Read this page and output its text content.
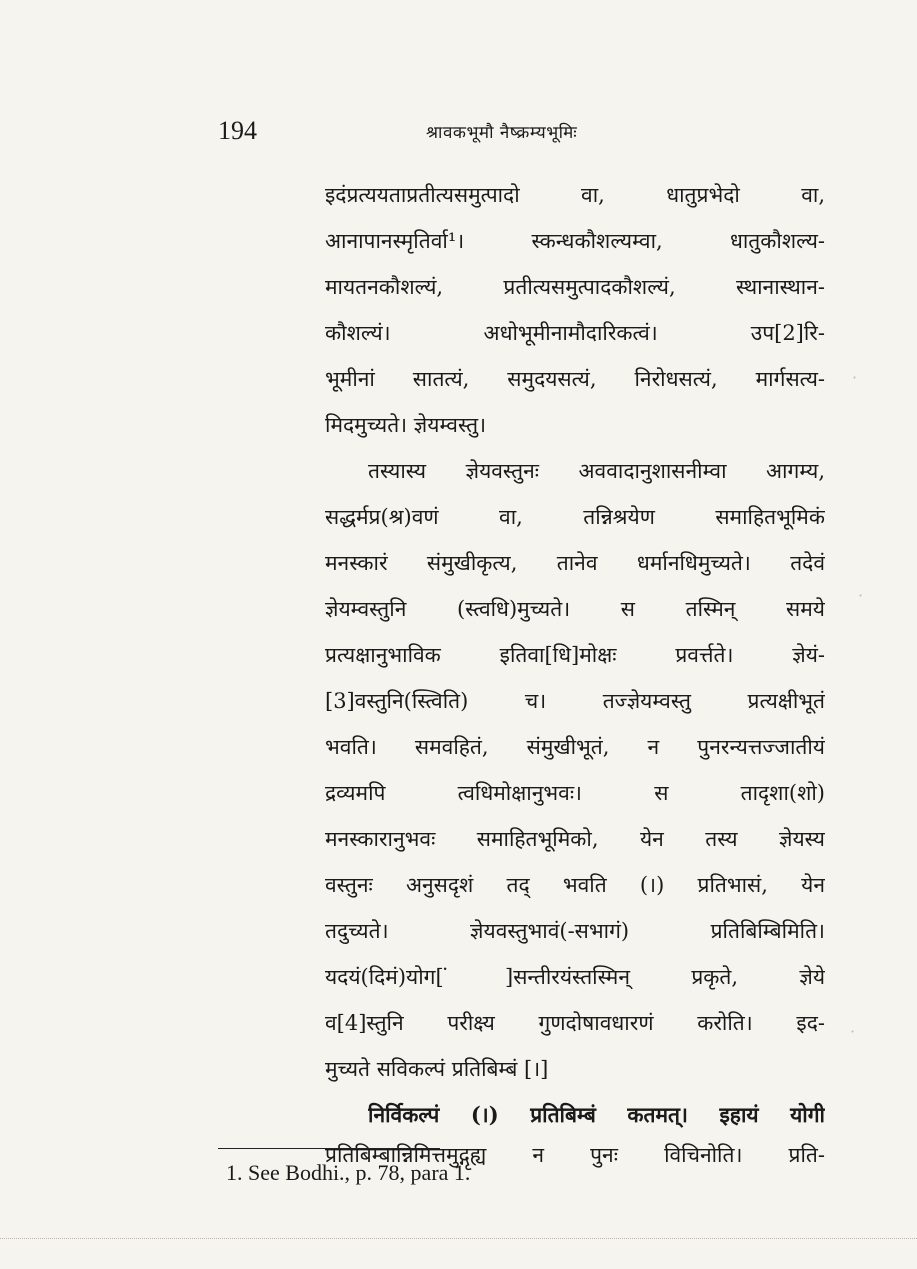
194	श्रावकभूमौ नैष्क्रम्यभूमिः
इदंप्रत्ययताप्रतीत्यसमुत्पादो वा, धातुप्रभेदो वा,
आनापानस्मृतिर्वा¹। स्कन्धकौशल्यम्वा, धातुकौशल्य-
मायतनकौशल्यं, प्रतीत्यसमुत्पादकौशल्यं, स्थानास्थान-
कौशल्यं। अधोभूमीनामौदारिकत्वं। उप[2]रि-
भूमीनां सातत्यं, समुदयसत्यं, निरोधसत्यं, मार्गसत्य-
मिदमुच्यते। ज्ञेयम्वस्तु।
तस्यास्य ज्ञेयवस्तुनः अववादानुशासनीम्वा आगम्य,
सद्धर्मप्र(श्र)वणं वा, तन्निश्रयेण समाहितभूमिकं
मनस्कारं संमुखीकृत्य, तानेव धर्मानधिमुच्यते। तदेवं
ज्ञेयम्वस्तुनि (स्त्वधि)मुच्यते। स तस्मिन् समये
प्रत्यक्षानुभाविक इतिवा[धि]मोक्षः प्रवर्त्तते। ज्ञेयं-
[3]वस्तुनि(स्त्विति) च। तज्ज्ञेयम्वस्तु प्रत्यक्षीभूतं
भवति। समवहितं, संमुखीभूतं, न पुनरन्यत्तज्जातीयं
द्रव्यमपि त्वधिमोक्षानुभवः। स तादृशा(शो)
मनस्कारानुभवः समाहितभूमिको, येन तस्य ज्ञेयस्य
वस्तुनः अनुसदृशं तद् भवति (।) प्रतिभासं, येन
तदुच्यते। ज्ञेयवस्तुभावं(-सभागं) प्रतिबिम्बिमिति।
यदयं(दिमं)योग[ ̇]सन्तीरयंस्तस्मिन् प्रकृते, ज्ञेये
व[4]स्तुनि परीक्ष्य गुणदोषावधारणं करोति। इद-
मुच्यते सविकल्पं प्रतिबिम्बं [।]
निर्विकल्पं (।) प्रतिबिम्बं कतमत्। इहायं योगी
प्रतिबिम्बान्निमित्तमुद्गृह्य न पुनः विचिनोति। प्रति-
1. See Bodhi., p. 78, para 1.
·
·
·
